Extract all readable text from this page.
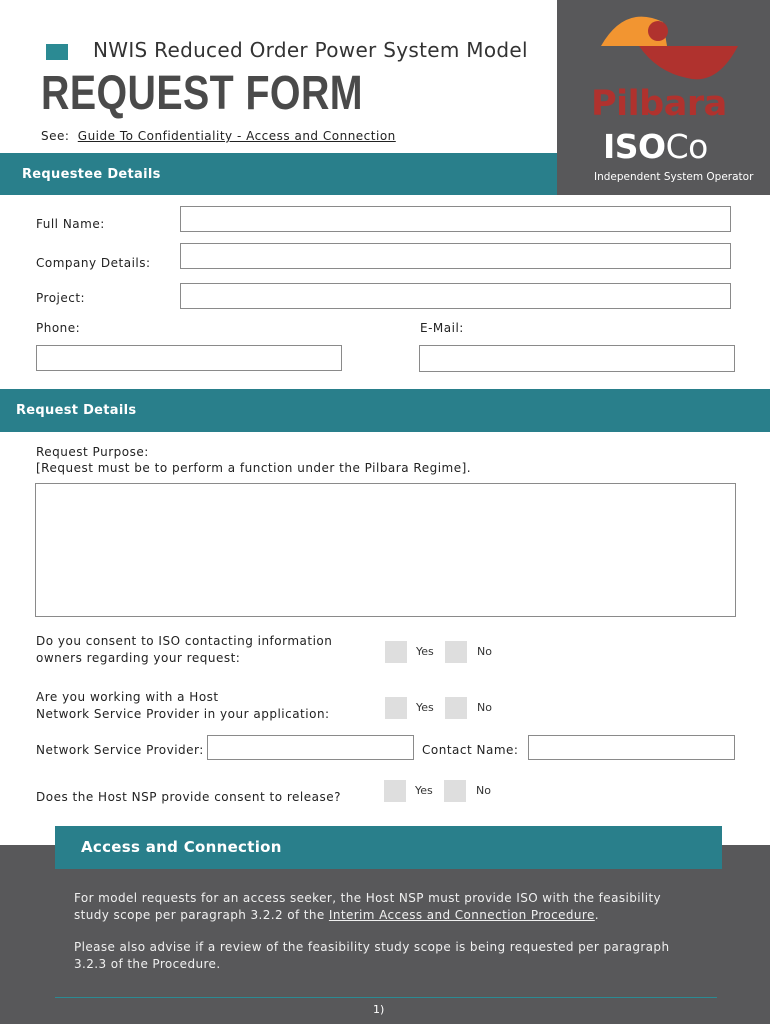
NWIS Reduced Order Power System Model
REQUEST FORM
See: Guide To Confidentiality - Access and Connection
Pilbara
ISOCo
Independent System Operator
Requestee Details
Full Name:
Company Details:
Project:
Phone:	E-Mail:
Request Details
Request Purpose:
[Request must be to perform a function under the Pilbara Regime].
Do you consent to ISO contacting information
owners regarding your request:	Yes	No
Are you working with a Host
Network Service Provider in your application:	Yes	No
Network Service Provider:	Contact Name:
Does the Host NSP provide consent to release?	Yes	No
Access and Connection
For model requests for an access seeker, the Host NSP must provide ISO with the feasibility
study scope per paragraph 3.2.2 of the Interim Access and Connection Procedure.
Please also advise if a review of the feasibility study scope is being requested per paragraph
3.2.3 of the Procedure.
1)
